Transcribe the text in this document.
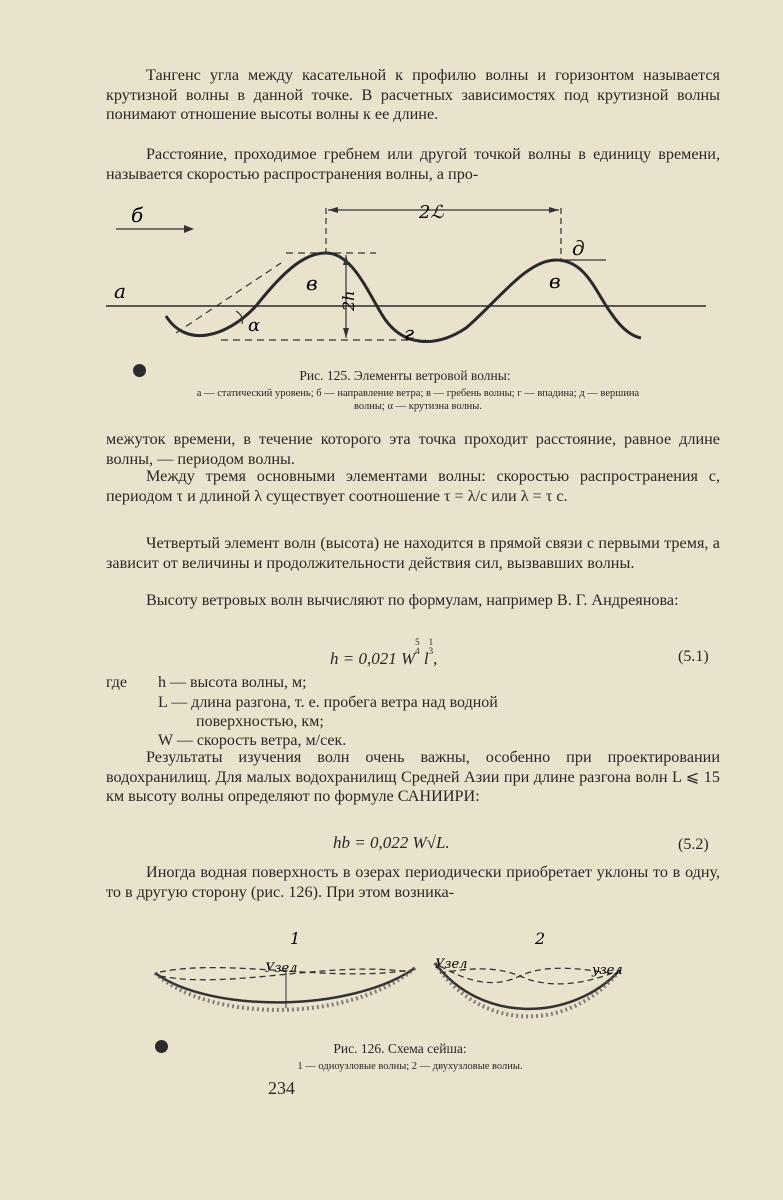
Тангенс угла между касательной к профилю волны и горизонтом называется крутизной волны в данной точке. В расчетных зависимостях под крутизной волны понимают отношение высоты волны к ее длине.
Расстояние, проходимое гребнем или другой точкой волны в единицу времени, называется скоростью распространения волны, а про-
б
а	в	в
г
д
α
2h
2ℒ
Рис. 125. Элементы ветровой волны:
а — статический уровень; б — направление ветра; в — гребень волны; г — впадина; д — вершина
волны; α — крутизна волны.
межуток времени, в течение которого эта точка проходит расстояние, равное длине волны, — периодом волны.
Между тремя основными элементами волны: скоростью распространения c, периодом τ и длиной λ существует соотношение τ = λ/c или λ = τ c.
Четвертый элемент волн (высота) не находится в прямой связи с первыми тремя, а зависит от величины и продолжительности действия сил, вызвавших волны.
Высоту ветровых волн вычисляют по формулам, например В. Г. Андреянова:
h = 0,021 W5
4 l1
3,	(5.1)
где h — высота волны, м;
L — длина разгона, т. е. пробега ветра над водной
поверхностью, км;
W — скорость ветра, м/сек.
Результаты изучения волн очень важны, особенно при проектировании водохранилищ. Для малых водохранилищ Средней Азии при длине разгона волн L ⩽ 15 км высоту волны определяют по формуле САНИИРИ:
hb = 0,022 W√L.	(5.2)
Иногда водная поверхность в озерах периодически приобретает уклоны то в одну, то в другую сторону (рис. 126). При этом возника-
1
Узел
2
Узел	узел
Рис. 126. Схема сейша:
1 — одноузловые волны; 2 — двухузловые волны.
234
